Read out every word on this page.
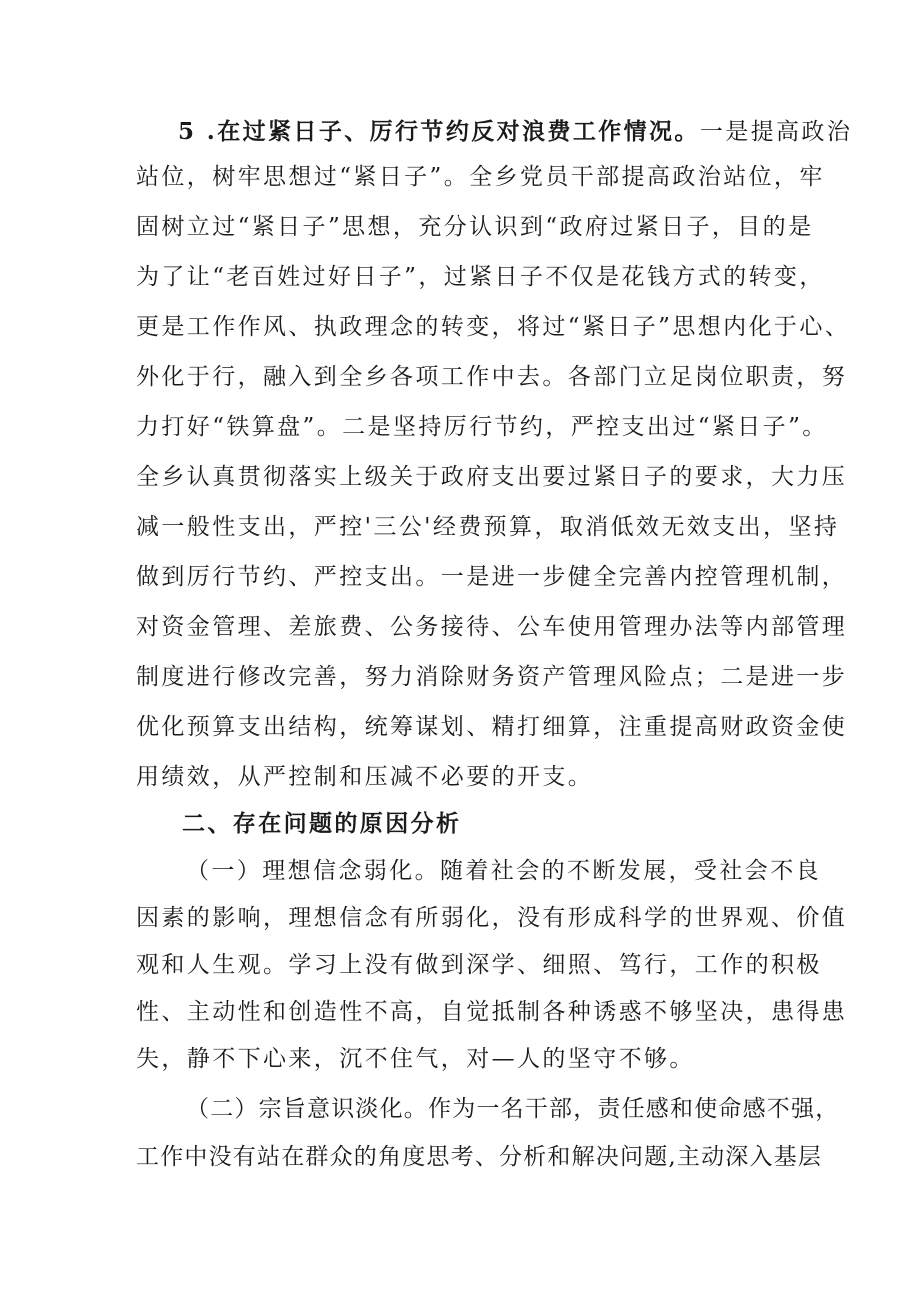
5 .在过紧日子、厉行节约反对浪费工作情况。一是提高政治
站位，树牢思想过“紧日子”。全乡党员干部提高政治站位，牢
固树立过“紧日子”思想，充分认识到“政府过紧日子，目的是
为了让“老百姓过好日子”，过紧日子不仅是花钱方式的转变，
更是工作作风、执政理念的转变，将过“紧日子”思想内化于心、
外化于行，融入到全乡各项工作中去。各部门立足岗位职责，努
力打好“铁算盘”。二是坚持厉行节约，严控支出过“紧日子”。
全乡认真贯彻落实上级关于政府支出要过紧日子的要求，大力压
减一般性支出，严控'三公'经费预算，取消低效无效支出，坚持
做到厉行节约、严控支出。一是进一步健全完善内控管理机制，
对资金管理、差旅费、公务接待、公车使用管理办法等内部管理
制度进行修改完善，努力消除财务资产管理风险点；二是进一步
优化预算支出结构，统筹谋划、精打细算，注重提高财政资金使
用绩效，从严控制和压减不必要的开支。
二、存在问题的原因分析
（一）理想信念弱化。随着社会的不断发展，受社会不良
因素的影响，理想信念有所弱化，没有形成科学的世界观、价值
观和人生观。学习上没有做到深学、细照、笃行，工作的积极
性、主动性和创造性不高，自觉抵制各种诱惑不够坚决，患得患
失，静不下心来，沉不住气，对—人的坚守不够。
（二）宗旨意识淡化。作为一名干部，责任感和使命感不强，
工作中没有站在群众的角度思考、分析和解决问题,主动深入基层
